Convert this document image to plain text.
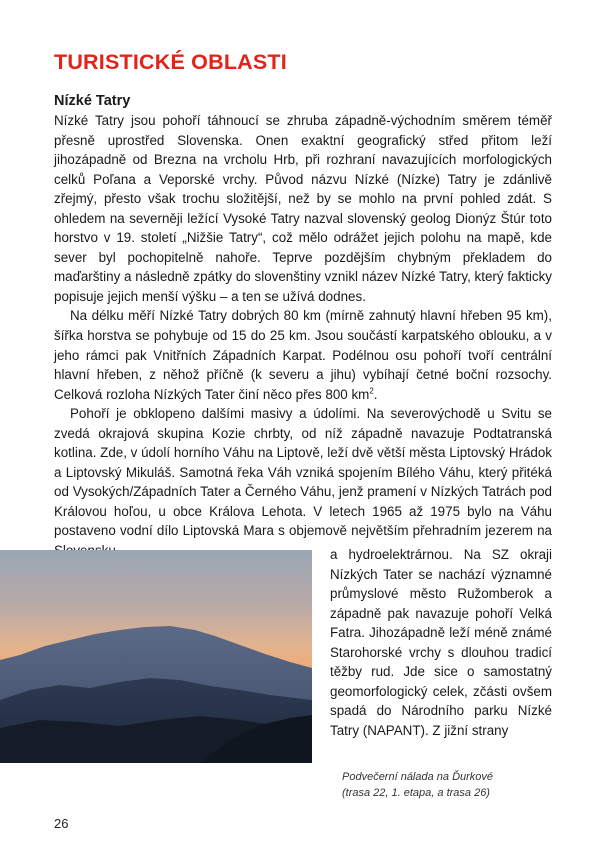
TURISTICKÉ OBLASTI
Nízké Tatry

Nízké Tatry jsou pohoří táhnoucí se zhruba západně-východním směrem téměř přesně uprostřed Slovenska. Onen exaktní geografický střed přitom leží jihozápadně od Brezna na vrcholu Hrb, při rozhraní navazujících morfologických celků Poľana a Veporské vrchy. Původ názvu Nízké (Nízke) Tatry je zdánlivě zřejmý, přesto však trochu složitější, než by se mohlo na první pohled zdát. S ohledem na severněji ležící Vysoké Tatry nazval slovenský geolog Dionýz Štúr toto horstvo v 19. století „Nižšie Tatry“, což mělo odrážet jejich polohu na mapě, kde sever byl pochopitelně nahoře. Teprve pozdějším chybným překladem do maďarštiny a následně zpátky do slovenštiny vznikl název Nízké Tatry, který fakticky popisuje jejich menší výšku – a ten se užívá dodnes.

Na délku měří Nízké Tatry dobrých 80 km (mírně zahnutý hlavní hřeben 95 km), šířka horstva se pohybuje od 15 do 25 km. Jsou součástí karpatského oblouku, a v jeho rámci pak Vnitřních Západních Karpat. Podélnou osu pohoří tvoří centrální hlavní hřeben, z něhož příčně (k severu a jihu) vybíhají četné boční rozsochy. Celková rozloha Nízkých Tater činí něco přes 800 $km^2$.

Pohoří je obklopeno dalšími masivy a údolími. Na severovýchodě u Svitu se zvedá okrajová skupina Kozie chrbty, od níž západně navazuje Podtatranská kotlina. Zde, v údolí horního Váhu na Liptově, leží dvě větší města Liptovský Hrádok a Liptovský Mikuláš. Samotná řeka Váh vzniká spojením Bílého Váhu, který přitéká od Vysokých/Západních Tater a Černého Váhu, jenž pramení v Nízkých Tatrách pod Královou hoľou, u obce Králova Lehota. V letech 1965 až 1975 bylo na Váhu postaveno vodní dílo Liptovská Mara s objemově největším přehradním jezerem na

a hydroelektrárnou. Na SZ okraji Nízkých Tater se nachází významné průmyslové město Ružomberok a západně pak navazuje pohoří Velká Fatra. Jihozápadně leží méně známé Starohorské vrchy s dlouhou tradicí těžby rud. Jde sice o samostatný geomorfologický celek, zčásti ovšem spadá do Národního parku Nízké Tatry (NAPANT). Z jižní strany
Podvečerní nálada na Ďurkové
(trasa 22, 1. etapa, a trasa 26)
26
